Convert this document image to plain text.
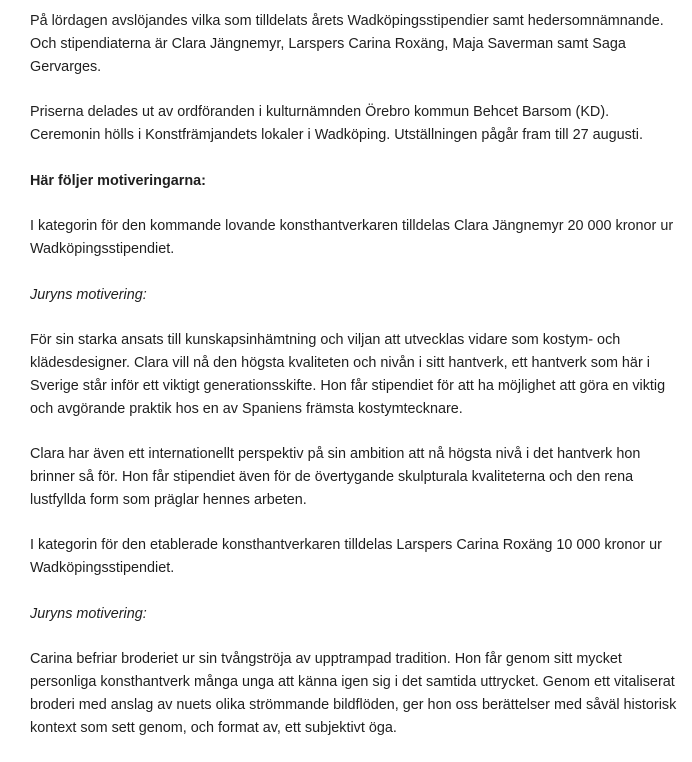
På lördagen avslöjandes vilka som tilldelats årets Wadköpingsstipendier samt hedersomnämnande. Och stipendiaterna är Clara Jängnemyr, Larspers Carina Roxäng, Maja Saverman samt Saga Gervarges.

Priserna delades ut av ordföranden i kulturnämnden Örebro kommun Behcet Barsom (KD). Ceremonin hölls i Konstfrämjandets lokaler i Wadköping. Utställningen pågår fram till 27 augusti.

Här följer motiveringarna:

I kategorin för den kommande lovande konsthantverkaren tilldelas Clara Jängnemyr 20 000 kronor ur Wadköpingsstipendiet.

Juryns motivering:

För sin starka ansats till kunskapsinhämtning och viljan att utvecklas vidare som kostym- och klädesdesigner. Clara vill nå den högsta kvaliteten och nivån i sitt hantverk, ett hantverk som här i Sverige står inför ett viktigt generationsskifte. Hon får stipendiet för att ha möjlighet att göra en viktig och avgörande praktik hos en av Spaniens främsta kostymtecknare.

Clara har även ett internationellt perspektiv på sin ambition att nå högsta nivå i det hantverk hon brinner så för. Hon får stipendiet även för de övertygande skulpturala kvaliteterna och den rena lustfyllda form som präglar hennes arbeten.

I kategorin för den etablerade konsthantverkaren tilldelas Larspers Carina Roxäng 10 000 kronor ur Wadköpingsstipendiet.

Juryns motivering:

Carina befriar broderiet ur sin tvångströja av upptrampad tradition. Hon får genom sitt mycket personliga konsthantverk många unga att känna igen sig i det samtida uttrycket. Genom ett vitaliserat broderi med anslag av nuets olika strömmande bildflöden, ger hon oss berättelser med såväl historisk kontext som sett genom, och format av, ett subjektivt öga.
